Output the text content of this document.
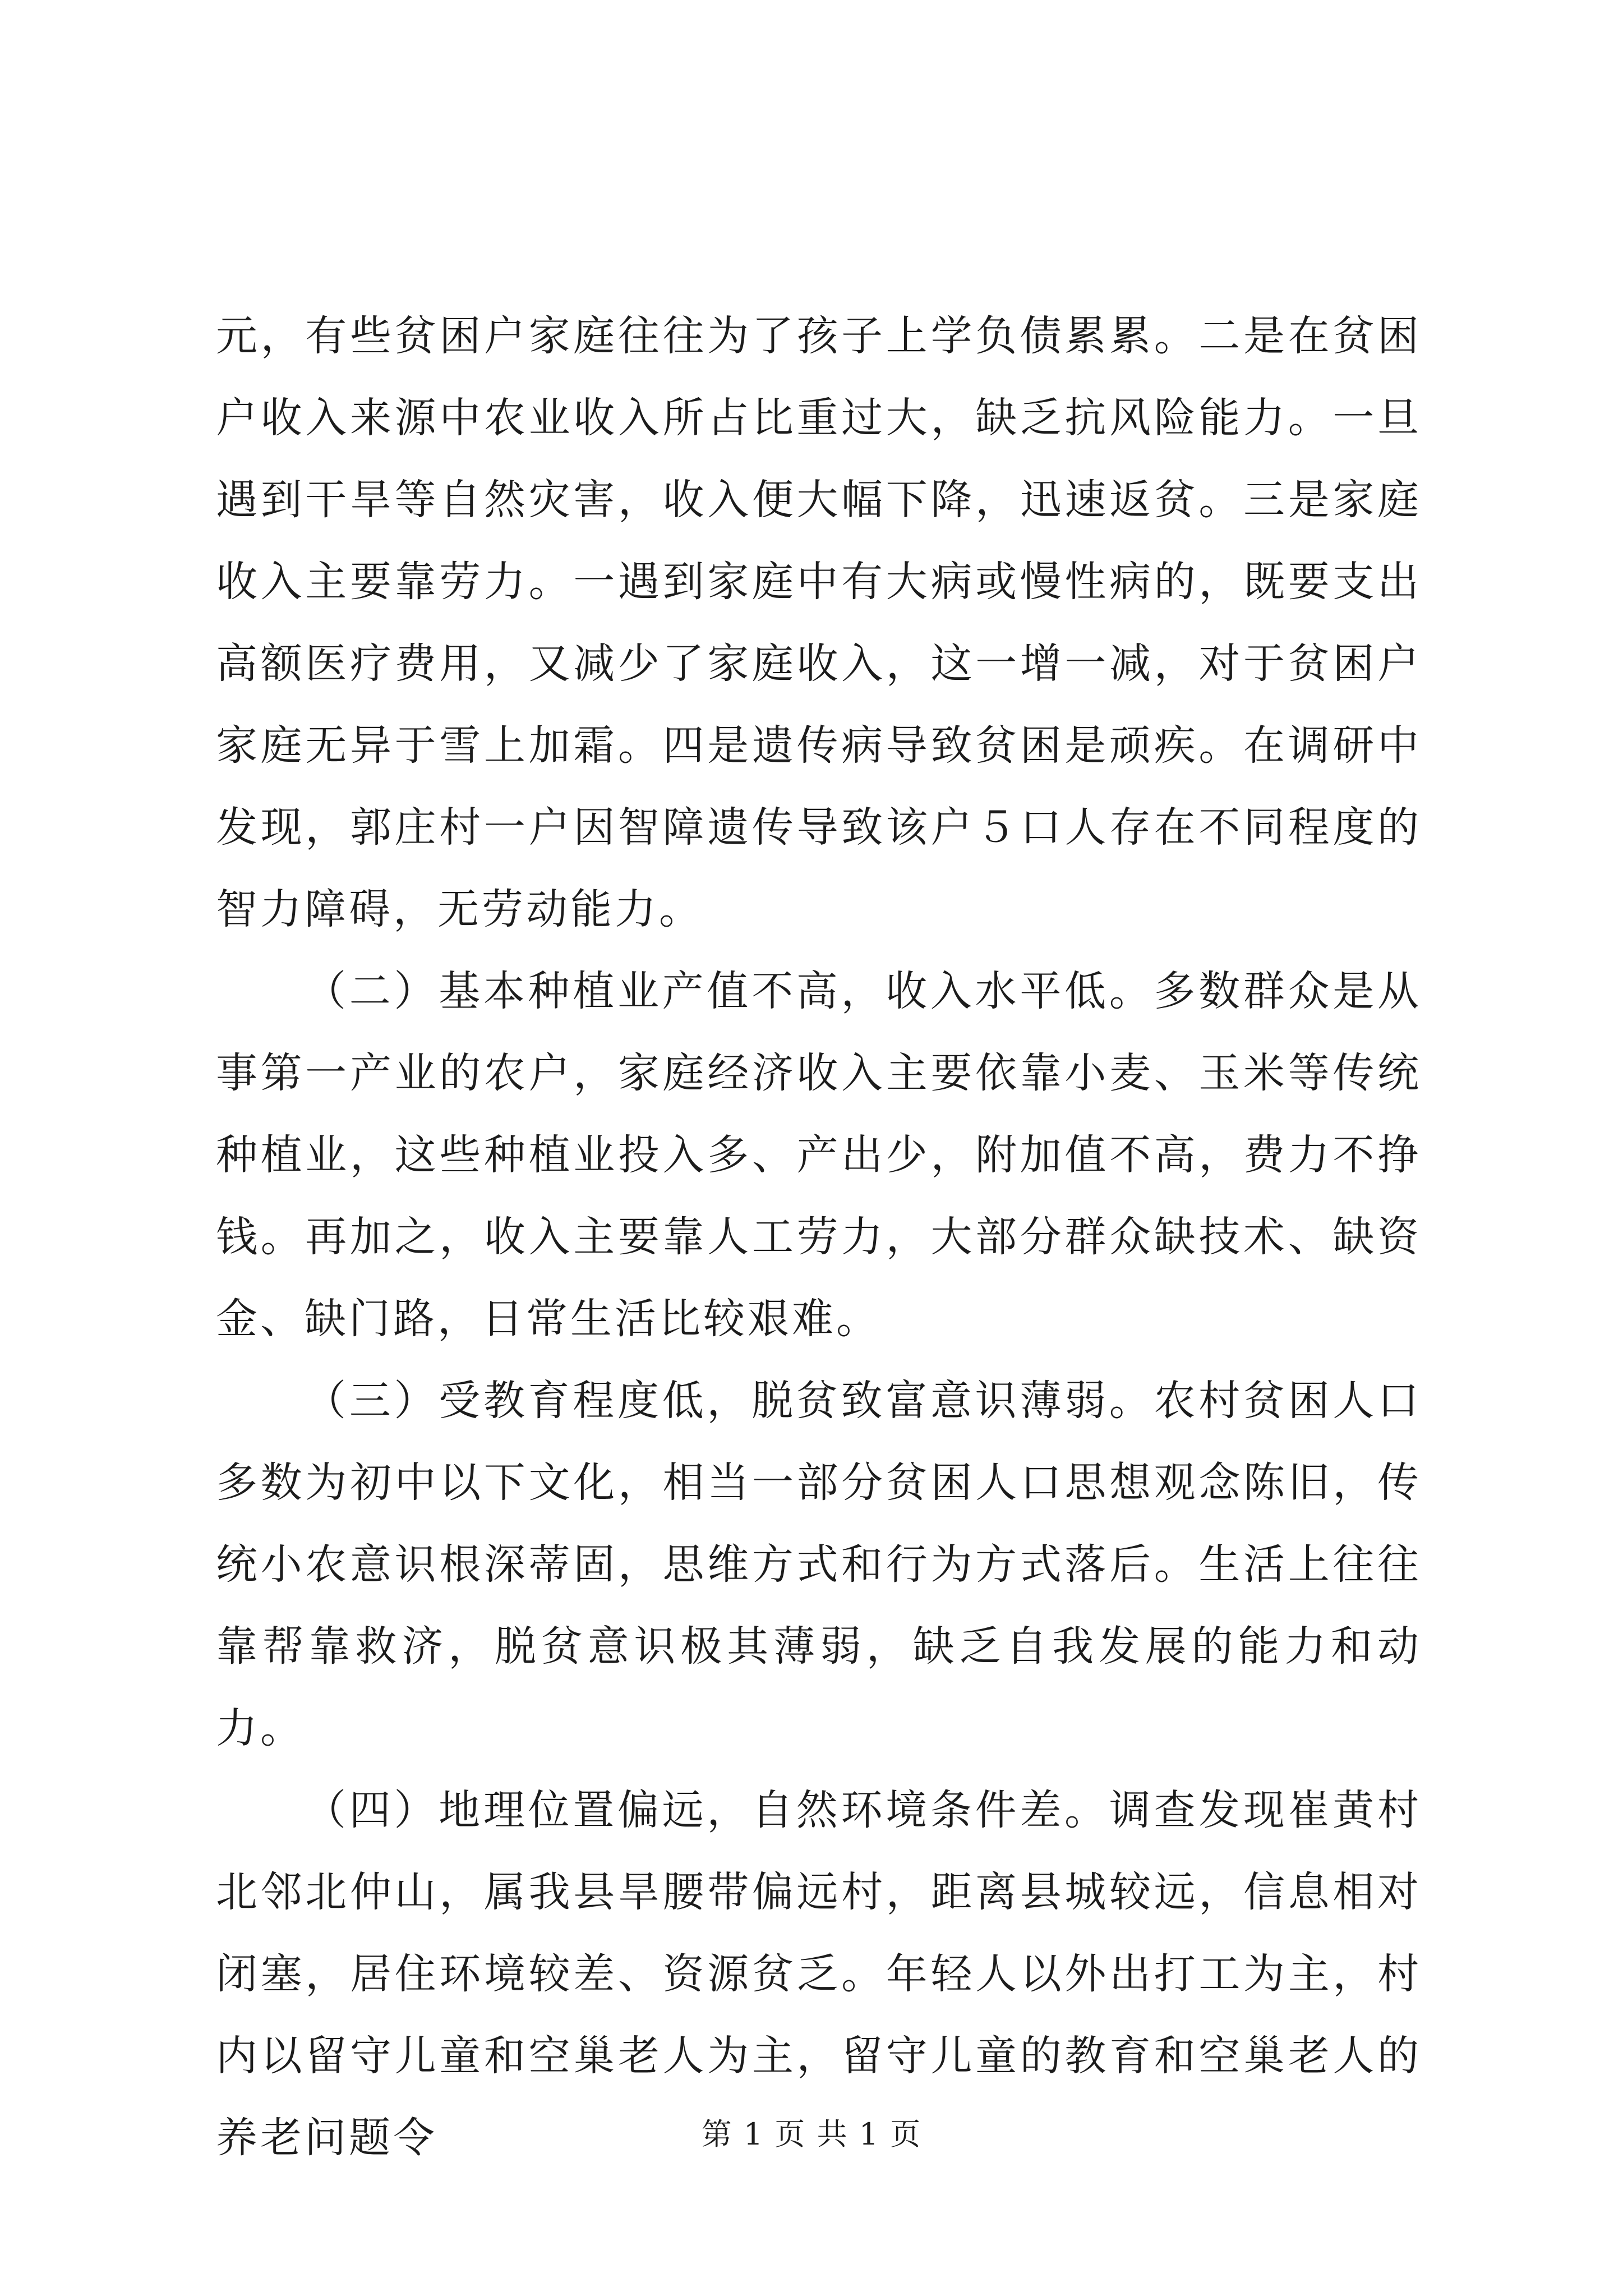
元，有些贫困户家庭往往为了孩子上学负债累累。二是在贫困户收入来源中农业收入所占比重过大，缺乏抗风险能力。一旦遇到干旱等自然灾害，收入便大幅下降，迅速返贫。三是家庭收入主要靠劳力。一遇到家庭中有大病或慢性病的，既要支出高额医疗费用，又减少了家庭收入，这一增一减，对于贫困户家庭无异于雪上加霜。四是遗传病导致贫困是顽疾。在调研中发现，郭庄村一户因智障遗传导致该户５口人存在不同程度的智力障碍，无劳动能力。

（二）基本种植业产值不高，收入水平低。多数群众是从事第一产业的农户，家庭经济收入主要依靠小麦、玉米等传统种植业，这些种植业投入多、产出少，附加值不高，费力不挣钱。再加之，收入主要靠人工劳力，大部分群众缺技术、缺资金、缺门路，日常生活比较艰难。

（三）受教育程度低，脱贫致富意识薄弱。农村贫困人口多数为初中以下文化，相当一部分贫困人口思想观念陈旧，传统小农意识根深蒂固，思维方式和行为方式落后。生活上往往靠帮靠救济，脱贫意识极其薄弱，缺乏自我发展的能力和动力。

（四）地理位置偏远，自然环境条件差。调查发现崔黄村北邻北仲山，属我县旱腰带偏远村，距离县城较远，信息相对闭塞，居住环境较差、资源贫乏。年轻人以外出打工为主，村内以留守儿童和空巢老人为主，留守儿童的教育和空巢老人的养老问题令	第 1 页 共 1 页
